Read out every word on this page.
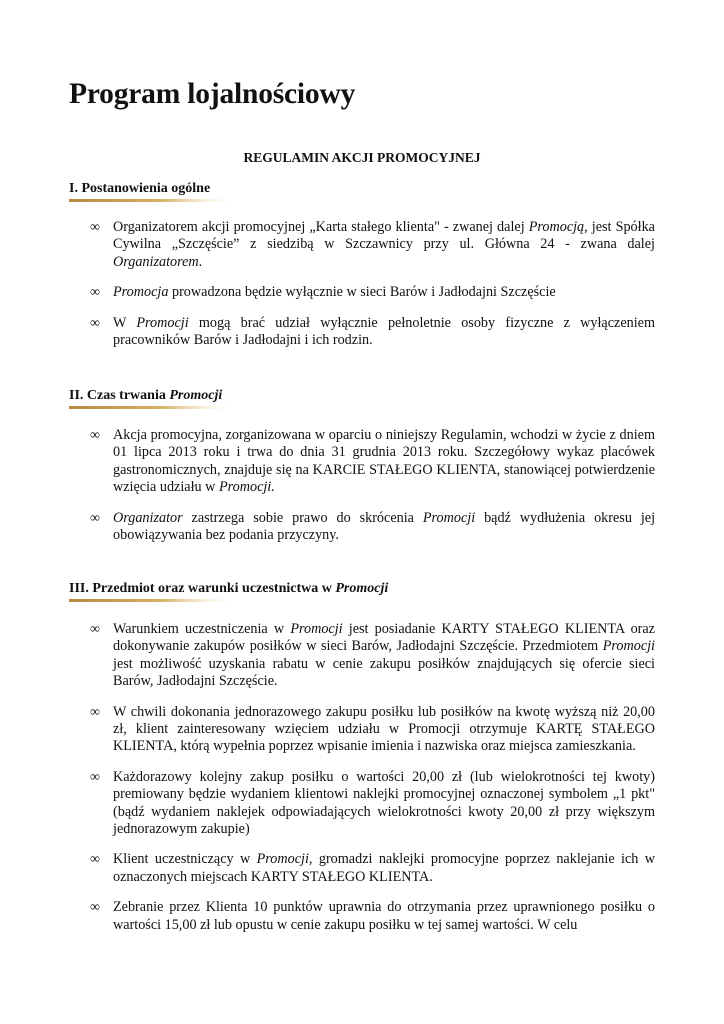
Program lojalnościowy

REGULAMIN AKCJI PROMOCYJNEJ

I. Postanowienia ogólne
∞ Organizatorem akcji promocyjnej „Karta stałego klienta" - zwanej dalej Promocją, jest Spółka Cywilna „Szczęście” z siedzibą w Szczawnicy przy ul. Główna 24 - zwana dalej Organizatorem.
∞ Promocja prowadzona będzie wyłącznie w sieci Barów i Jadłodajni Szczęście
∞ W Promocji mogą brać udział wyłącznie pełnoletnie osoby fizyczne z wyłączeniem pracowników Barów i Jadłodajni i ich rodzin.
II. Czas trwania Promocji
∞ Akcja promocyjna, zorganizowana w oparciu o niniejszy Regulamin, wchodzi w życie z dniem 01 lipca 2013 roku i trwa do dnia 31 grudnia 2013 roku. Szczegółowy wykaz placówek gastronomicznych, znajduje się na KARCIE STAŁEGO KLIENTA, stanowiącej potwierdzenie wzięcia udziału w Promocji.
∞ Organizator zastrzega sobie prawo do skrócenia Promocji bądź wydłużenia okresu jej obowiązywania bez podania przyczyny.
III. Przedmiot oraz warunki uczestnictwa w Promocji
∞ Warunkiem uczestniczenia w Promocji jest posiadanie KARTY STAŁEGO KLIENTA oraz dokonywanie zakupów posiłków w sieci Barów, Jadłodajni Szczęście. Przedmiotem Promocji jest możliwość uzyskania rabatu w cenie zakupu posiłków znajdujących się ofercie sieci Barów, Jadłodajni Szczęście.
∞ W chwili dokonania jednorazowego zakupu posiłku lub posiłków na kwotę wyższą niż 20,00 zł, klient zainteresowany wzięciem udziału w Promocji otrzymuje KARTĘ STAŁEGO KLIENTA, którą wypełnia poprzez wpisanie imienia i nazwiska oraz miejsca zamieszkania.
∞ Każdorazowy kolejny zakup posiłku o wartości 20,00 zł (lub wielokrotności tej kwoty) premiowany będzie wydaniem klientowi naklejki promocyjnej oznaczonej symbolem „1 pkt" (bądź wydaniem naklejek odpowiadających wielokrotności kwoty 20,00 zł przy większym jednorazowym zakupie)
∞ Klient uczestniczący w Promocji, gromadzi naklejki promocyjne poprzez naklejanie ich w oznaczonych miejscach KARTY STAŁEGO KLIENTA.
∞ Zebranie przez Klienta 10 punktów uprawnia do otrzymania przez uprawnionego posiłku o wartości 15,00 zł lub opustu w cenie zakupu posiłku w tej samej wartości. W celu
